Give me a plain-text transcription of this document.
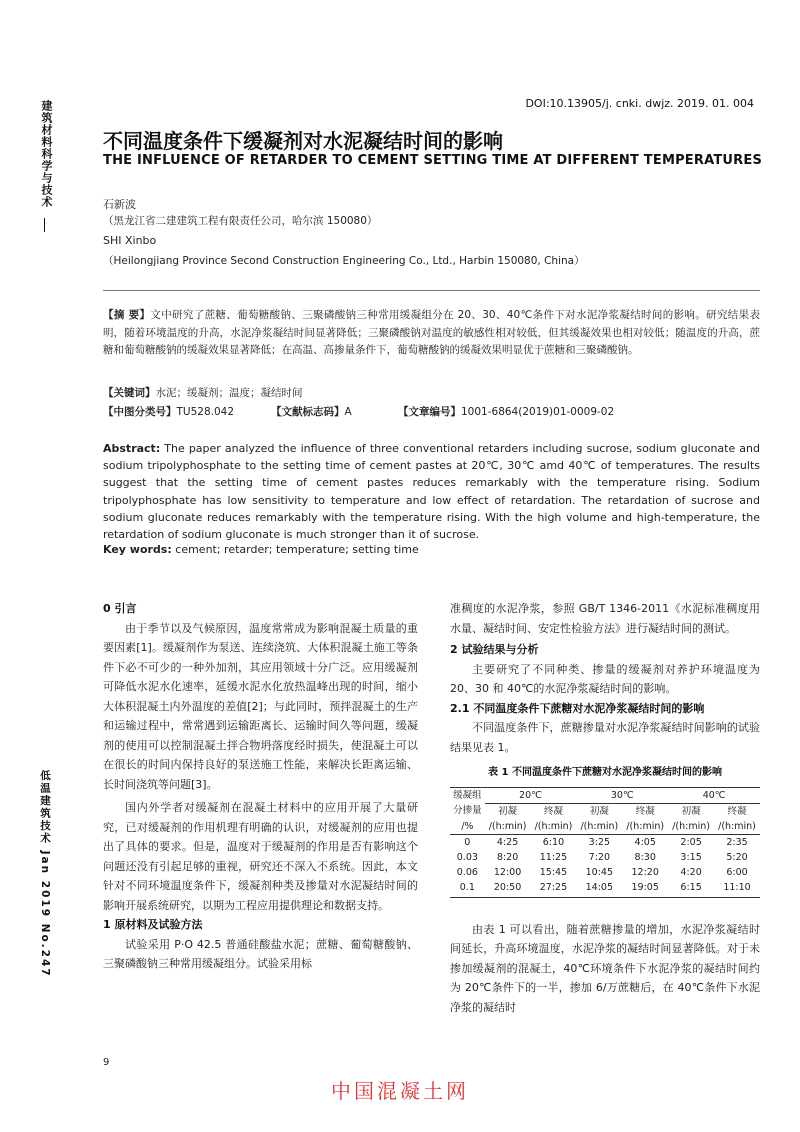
建筑材料科学与技术
低温建筑技术 Jan 2019 No.247
DOI:10.13905/j. cnki. dwjz. 2019. 01. 004
不同温度条件下缓凝剂对水泥凝结时间的影响
THE INFLUENCE OF RETARDER TO CEMENT SETTING TIME AT DIFFERENT TEMPERATURES
石新波
（黑龙江省二建建筑工程有限责任公司，哈尔滨 150080）
SHI Xinbo
（Heilongjiang Province Second Construction Engineering Co., Ltd., Harbin 150080, China）
【摘 要】文中研究了蔗糖、葡萄糖酸钠、三聚磷酸钠三种常用缓凝组分在 20、30、40℃条件下对水泥净浆凝结时间的影响。研究结果表明，随着环境温度的升高，水泥净浆凝结时间显著降低；三聚磷酸钠对温度的敏感性相对较低，但其缓凝效果也相对较低；随温度的升高，蔗糖和葡萄糖酸钠的缓凝效果显著降低；在高温、高掺量条件下，葡萄糖酸钠的缓凝效果明显优于蔗糖和三聚磷酸钠。
【关键词】水泥；缓凝剂；温度；凝结时间
【中图分类号】TU528.042	【文献标志码】A	【文章编号】1001-6864(2019)01-0009-02
Abstract: The paper analyzed the influence of three conventional retarders including sucrose, sodium gluconate and sodium tripolyphosphate to the setting time of cement pastes at 20℃, 30℃ amd 40℃ of temperatures. The results suggest that the setting time of cement pastes reduces remarkably with the temperature rising. Sodium tripolyphosphate has low sensitivity to temperature and low effect of retardation. The retardation of sucrose and sodium gluconate reduces remarkably with the temperature rising. With the high volume and high-temperature, the retardation of sodium gluconate is much stronger than it of sucrose.
Key words: cement; retarder; temperature; setting time

0 引言

由于季节以及气候原因，温度常常成为影响混凝土质量的重要因素[1]。缓凝剂作为泵送、连续浇筑、大体积混凝土施工等条件下必不可少的一种外加剂，其应用领域十分广泛。应用缓凝剂可降低水泥水化速率，延缓水泥水化放热温峰出现的时间，缩小大体积混凝土内外温度的差值[2]；与此同时，预拌混凝土的生产和运输过程中，常常遇到运输距离长、运输时间久等问题，缓凝剂的使用可以控制混凝土拌合物坍落度经时损失，使混凝土可以在很长的时间内保持良好的泵送施工性能，来解决长距离运输、长时间浇筑等问题[3]。

国内外学者对缓凝剂在混凝土材料中的应用开展了大量研究，已对缓凝剂的作用机理有明确的认识，对缓凝剂的应用也提出了具体的要求。但是，温度对于缓凝剂的作用是否有影响这个问题还没有引起足够的重视，研究还不深入不系统。因此，本文针对不同环境温度条件下，缓凝剂种类及掺量对水泥凝结时间的影响开展系统研究，以期为工程应用提供理论和数据支持。

1 原材料及试验方法

试验采用 P·O 42.5 普通硅酸盐水泥；蔗糖、葡萄糖酸钠、三聚磷酸钠三种常用缓凝组分。试验采用标

准稠度的水泥净浆，参照 GB/T 1346-2011《水泥标准稠度用水量、凝结时间、安定性检验方法》进行凝结时间的测试。

2 试验结果与分析

主要研究了不同种类、掺量的缓凝剂对养护环境温度为 20、30 和 40℃的水泥净浆凝结时间的影响。

2.1 不同温度条件下蔗糖对水泥净浆凝结时间的影响

不同温度条件下，蔗糖掺量对水泥净浆凝结时间影响的试验结果见表 1。

表 1 不同温度条件下蔗糖对水泥净浆凝结时间的影响
缓凝组	20℃		30℃		40℃	
分掺量	初凝	终凝	初凝	终凝	初凝	终凝
/%	/(h:min)	/(h:min)	/(h:min)	/(h:min)	/(h:min)	/(h:min)
0	4:25	6:10	3:25	4:05	2:05	2:35
0.03	8:20	11:25	7:20	8:30	3:15	5:20
0.06	12:00	15:45	10:45	12:20	4:20	6:00
0.1	20:50	27:25	14:05	19:05	6:15	11:10

由表 1 可以看出，随着蔗糖掺量的增加，水泥净浆凝结时间延长，升高环境温度，水泥净浆的凝结时间显著降低。对于未掺加缓凝剂的混凝土，40℃环境条件下水泥净浆的凝结时间约为 20℃条件下的一半，掺加 6/万蔗糖后，在 40℃条件下水泥净浆的凝结时

9
中国混凝土网
